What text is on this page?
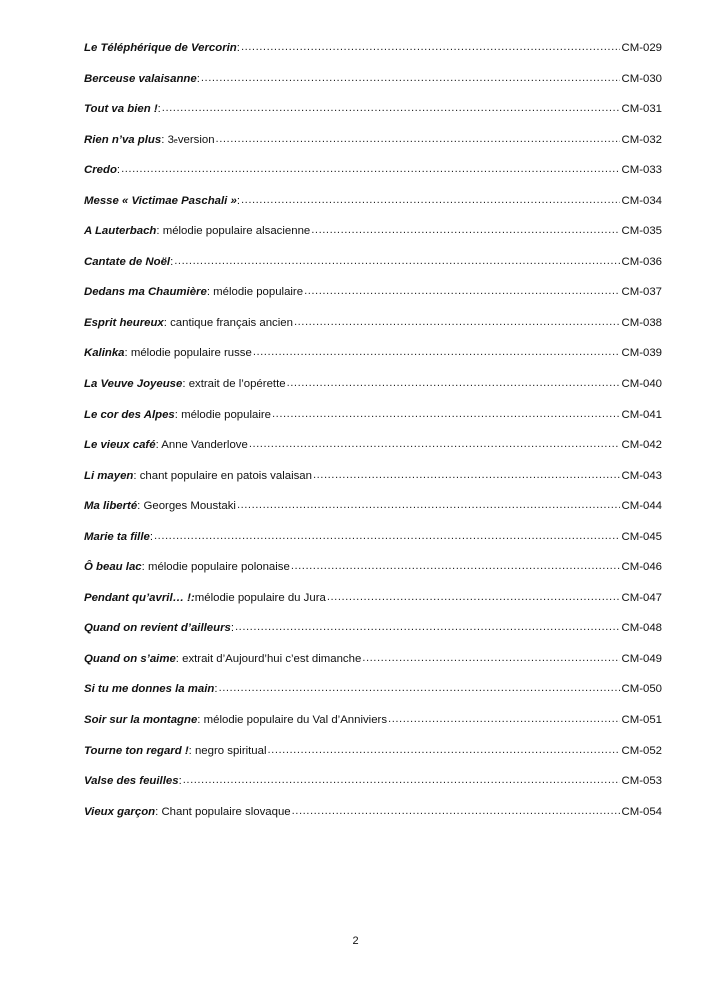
Le Téléphérique de Vercorin : .....	CM-029
Berceuse valaisanne : .....	CM-030
Tout va bien ! : .....	CM-031
Rien n’va plus : 3 e version .....	CM-032
Credo : .....	CM-033
Messe « Victimae Paschali » : .....	CM-034
A Lauterbach : mélodie populaire alsacienne .....	CM-035
Cantate de Noël : .....	CM-036
Dedans ma Chaumière : mélodie populaire .....	CM-037
Esprit heureux : cantique français ancien .....	CM-038
Kalinka : mélodie populaire russe .....	CM-039
La Veuve Joyeuse : extrait de l’opérette .....	CM-040
Le cor des Alpes : mélodie populaire .....	CM-041
Le vieux café : Anne Vanderlove .....	CM-042
Li mayen : chant populaire en patois valaisan .....	CM-043
Ma liberté : Georges Moustaki .....	CM-044
Marie ta fille : .....	CM-045
Ô beau lac : mélodie populaire polonaise .....	CM-046
Pendant qu’avril… !: mélodie populaire du Jura .....	CM-047
Quand on revient d’ailleurs : .....	CM-048
Quand on s’aime : extrait d’Aujourd’hui c’est dimanche .....	CM-049
Si tu me donnes la main : .....	CM-050
Soir sur la montagne : mélodie populaire du Val d’Anniviers .....	CM-051
Tourne ton regard ! : negro spiritual .....	CM-052
Valse des feuilles : .....	CM-053
Vieux garçon : Chant populaire slovaque .....	CM-054
2
